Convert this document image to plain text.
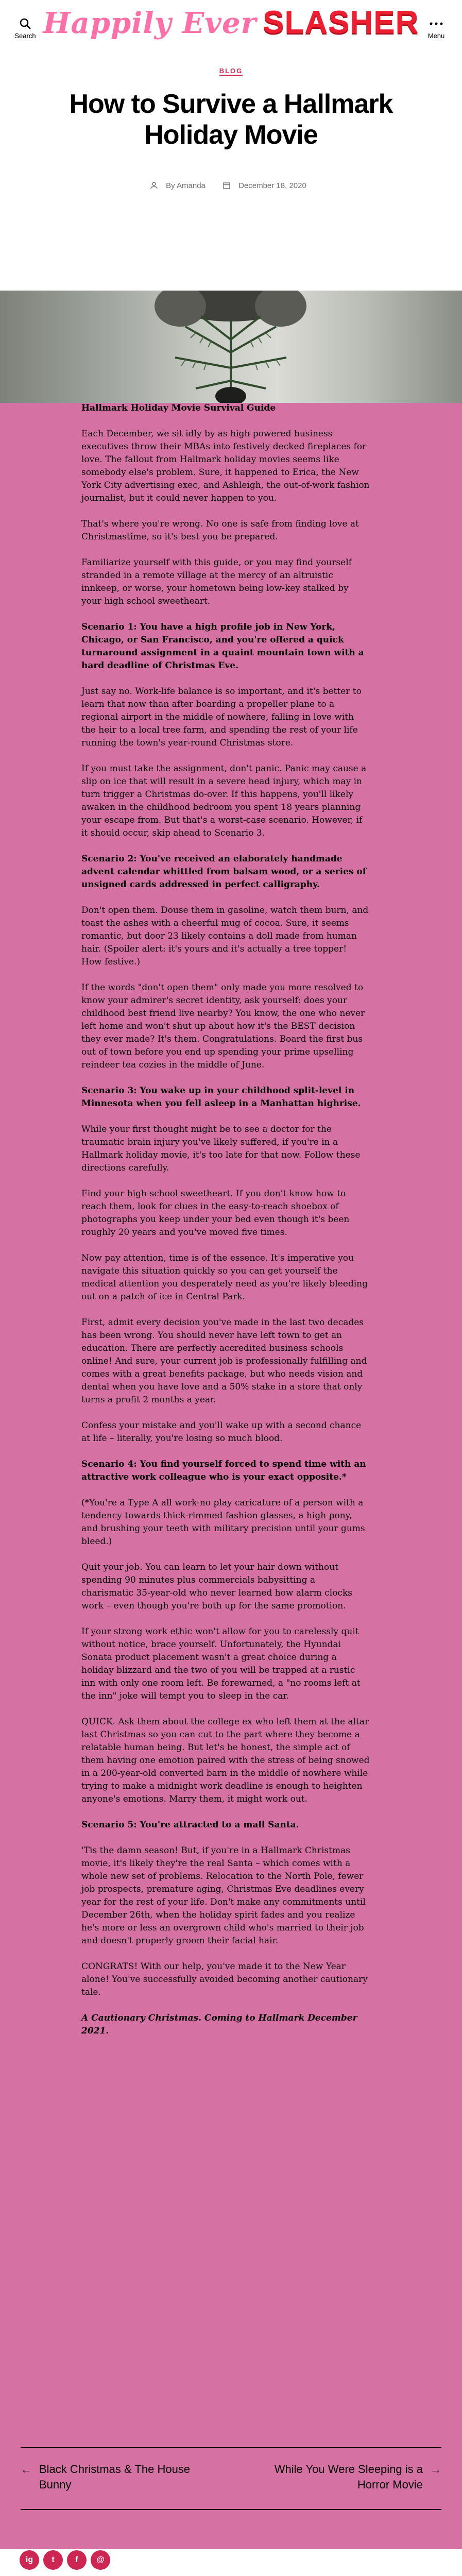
Search Happily Ever SLASHER	Menu
BLOG
How to Survive a Hallmark Holiday Movie
By Amanda	December 18, 2020
Hallmark Holiday Movie Survival Guide

Each December, we sit idly by as high powered business executives throw their MBAs into festively decked fireplaces for love. The fallout from Hallmark holiday movies seems like somebody else's problem. Sure, it happened to Erica, the New York City advertising exec, and Ashleigh, the out-of-work fashion journalist, but it could never happen to you.

That's where you're wrong. No one is safe from finding love at Christmastime, so it's best you be prepared.

Familiarize yourself with this guide, or you may find yourself stranded in a remote village at the mercy of an altruistic innkeep, or worse, your hometown being low-key stalked by your high school sweetheart.

Scenario 1: You have a high profile job in New York, Chicago, or San Francisco, and you're offered a quick turnaround assignment in a quaint mountain town with a hard deadline of Christmas Eve.

Just say no. Work-life balance is so important, and it's better to learn that now than after boarding a propeller plane to a regional airport in the middle of nowhere, falling in love with the heir to a local tree farm, and spending the rest of your life running the town's year-round Christmas store.

If you must take the assignment, don't panic. Panic may cause a slip on ice that will result in a severe head injury, which may in turn trigger a Christmas do-over. If this happens, you'll likely awaken in the childhood bedroom you spent 18 years planning your escape from. But that's a worst-case scenario. However, if it should occur, skip ahead to Scenario 3.

Scenario 2: You've received an elaborately handmade advent calendar whittled from balsam wood, or a series of unsigned cards addressed in perfect calligraphy.

Don't open them. Douse them in gasoline, watch them burn, and toast the ashes with a cheerful mug of cocoa. Sure, it seems romantic, but door 23 likely contains a doll made from human hair. (Spoiler alert: it's yours and it's actually a tree topper! How festive.)

If the words "don't open them" only made you more resolved to know your admirer's secret identity, ask yourself: does your childhood best friend live nearby? You know, the one who never left home and won't shut up about how it's the BEST decision they ever made? It's them. Congratulations. Board the first bus out of town before you end up spending your prime upselling reindeer tea cozies in the middle of June.

Scenario 3: You wake up in your childhood split-level in Minnesota when you fell asleep in a Manhattan highrise.

While your first thought might be to see a doctor for the traumatic brain injury you've likely suffered, if you're in a Hallmark holiday movie, it's too late for that now. Follow these directions carefully.

Find your high school sweetheart. If you don't know how to reach them, look for clues in the easy-to-reach shoebox of photographs you keep under your bed even though it's been roughly 20 years and you've moved five times.

Now pay attention, time is of the essence. It's imperative you navigate this situation quickly so you can get yourself the medical attention you desperately need as you're likely bleeding out on a patch of ice in Central Park.

First, admit every decision you've made in the last two decades has been wrong. You should never have left town to get an education. There are perfectly accredited business schools online! And sure, your current job is professionally fulfilling and comes with a great benefits package, but who needs vision and dental when you have love and a 50% stake in a store that only turns a profit 2 months a year.

Confess your mistake and you'll wake up with a second chance at life – literally, you're losing so much blood.

Scenario 4: You find yourself forced to spend time with an attractive work colleague who is your exact opposite.*

(*You're a Type A all work-no play caricature of a person with a tendency towards thick-rimmed fashion glasses, a high pony, and brushing your teeth with military precision until your gums bleed.)

Quit your job. You can learn to let your hair down without spending 90 minutes plus commercials babysitting a charismatic 35-year-old who never learned how alarm clocks work – even though you're both up for the same promotion.

If your strong work ethic won't allow for you to carelessly quit without notice, brace yourself. Unfortunately, the Hyundai Sonata product placement wasn't a great choice during a holiday blizzard and the two of you will be trapped at a rustic inn with only one room left. Be forewarned, a "no rooms left at the inn" joke will tempt you to sleep in the car.

QUICK. Ask them about the college ex who left them at the altar last Christmas so you can cut to the part where they become a relatable human being. But let's be honest, the simple act of them having one emotion paired with the stress of being snowed in a 200-year-old converted barn in the middle of nowhere while trying to make a midnight work deadline is enough to heighten anyone's emotions. Marry them, it might work out.

Scenario 5: You're attracted to a mall Santa.

'Tis the damn season! But, if you're in a Hallmark Christmas movie, it's likely they're the real Santa – which comes with a whole new set of problems. Relocation to the North Pole, fewer job prospects, premature aging, Christmas Eve deadlines every year for the rest of your life. Don't make any commitments until December 26th, when the holiday spirit fades and you realize he's more or less an overgrown child who's married to their job and doesn't properly groom their facial hair.

CONGRATS! With our help, you've made it to the New Year alone! You've successfully avoided becoming another cautionary tale.

A Cautionary Christmas. Coming to Hallmark December 2021.

← Black Christmas & The House Bunny
While You Were Sleeping is a Horror Movie
→
ig t	f @
